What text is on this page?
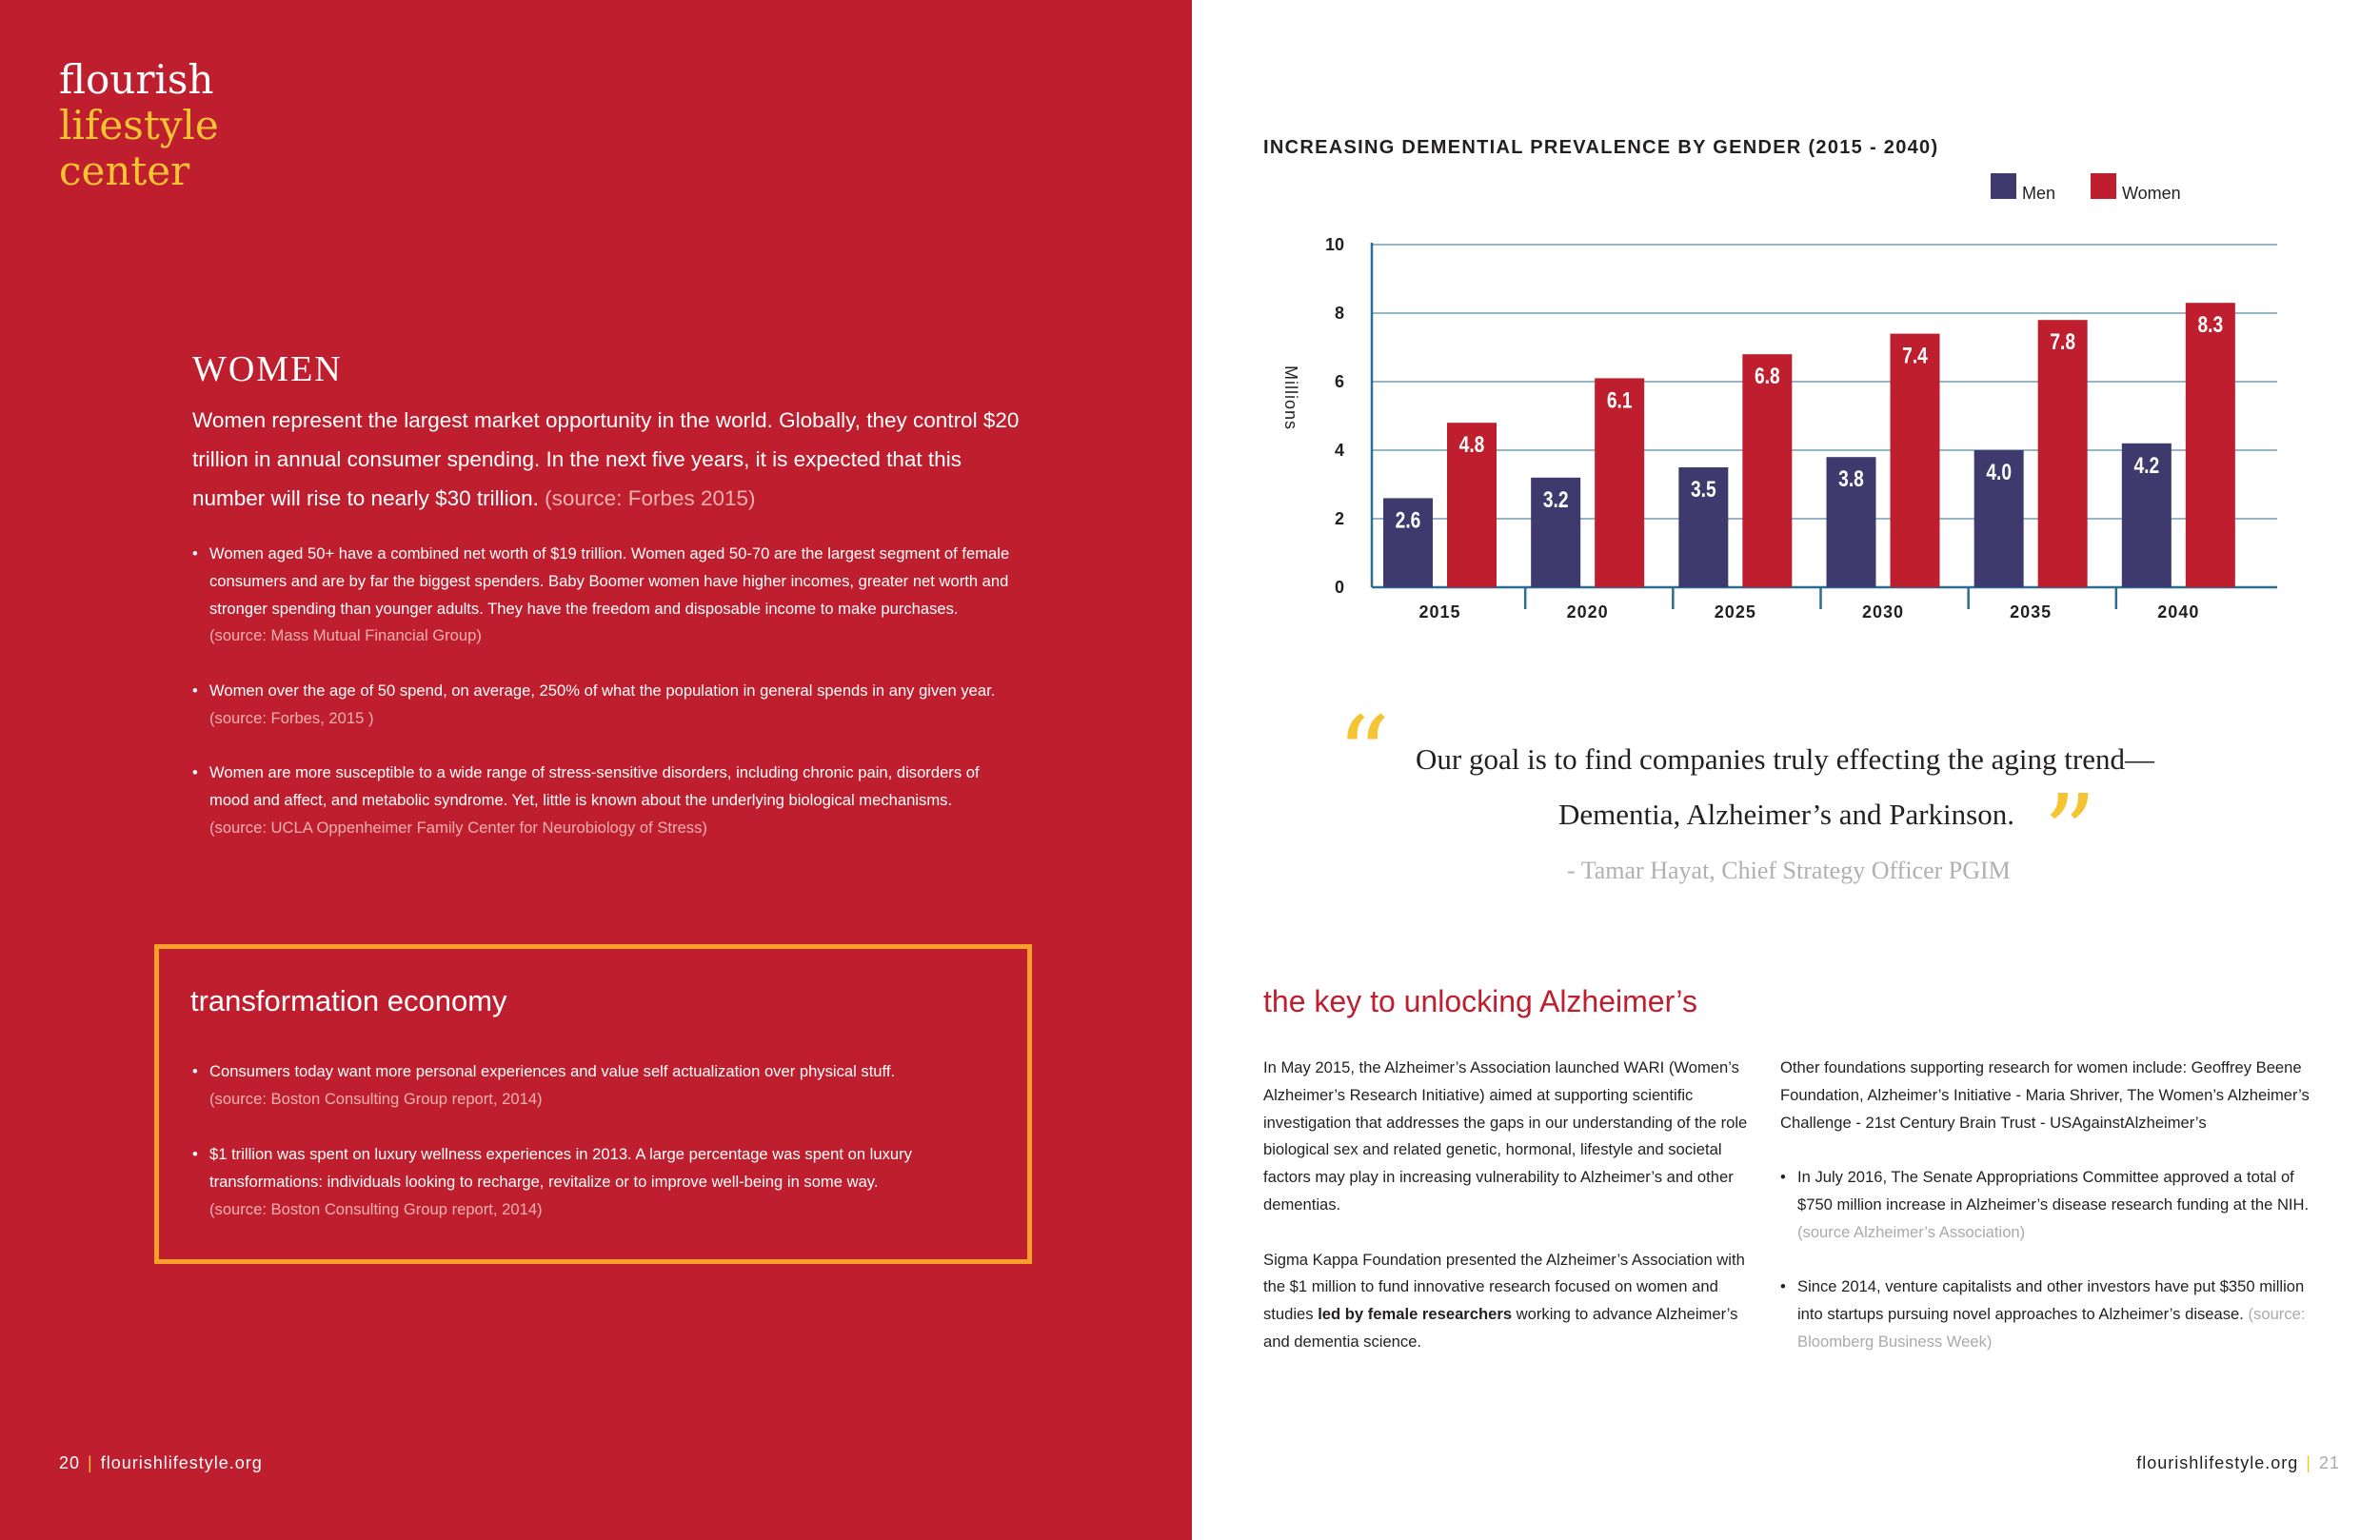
flourish
lifestyle
center
WOMEN
Women represent the largest market opportunity in the world. Globally, they control $20 trillion in annual consumer spending. In the next five years, it is expected that this number will rise to nearly $30 trillion. (source: Forbes 2015)
• Women aged 50+ have a combined net worth of $19 trillion. Women aged 50-70 are the largest segment of female consumers and are by far the biggest spenders. Baby Boomer women have higher incomes, greater net worth and stronger spending than younger adults. They have the freedom and disposable income to make purchases. (source: Mass Mutual Financial Group)
• Women over the age of 50 spend, on average, 250% of what the population in general spends in any given year. (source: Forbes, 2015 )
• Women are more susceptible to a wide range of stress-sensitive disorders, including chronic pain, disorders of mood and affect, and metabolic syndrome. Yet, little is known about the underlying biological mechanisms. (source: UCLA Oppenheimer Family Center for Neurobiology of Stress)
transformation economy
• Consumers today want more personal experiences and value self actualization over physical stuff.
(source: Boston Consulting Group report, 2014)
• $1 trillion was spent on luxury wellness experiences in 2013. A large percentage was spent on luxury transformations: individuals looking to recharge, revitalize or to improve well-being in some way.
(source: Boston Consulting Group report, 2014)
20 | flourishlifestyle.org
INCREASING DEMENTIAL PREVALENCE BY GENDER (2015 - 2040)
0
2
4
6
8
10
Millions
2.6
4.8
2015
3.2
6.1
2020
3.5
6.8
2025
3.8
7.4
2030
4.0
7.8
2035
4.2
8.3
2040
Men	Women
“ Our goal is to find companies truly effecting the aging trend—
Dementia, Alzheimer’s and Parkinson. ”
- Tamar Hayat, Chief Strategy Officer PGIM
the key to unlocking Alzheimer’s

In May 2015, the Alzheimer’s Association launched WARI (Women’s Alzheimer’s Research Initiative) aimed at supporting scientific investigation that addresses the gaps in our understanding of the role biological sex and related genetic, hormonal, lifestyle and societal factors may play in increasing vulnerability to Alzheimer’s and other dementias.

Sigma Kappa Foundation presented the Alzheimer’s Association with the $1 million to fund innovative research focused on women and studies led by female researchers working to advance Alzheimer’s and dementia science.

Other foundations supporting research for women include: Geoffrey Beene Foundation, Alzheimer’s Initiative - Maria Shriver, The Women’s Alzheimer’s Challenge - 21st Century Brain Trust - USAgainstAlzheimer’s

• In July 2016, The Senate Appropriations Committee approved a total of $750 million increase in Alzheimer’s disease research funding at the NIH. (source Alzheimer’s Association)
• Since 2014, venture capitalists and other investors have put $350 million into startups pursuing novel approaches to Alzheimer’s disease. (source: Bloomberg Business Week)
flourishlifestyle.org | 21
